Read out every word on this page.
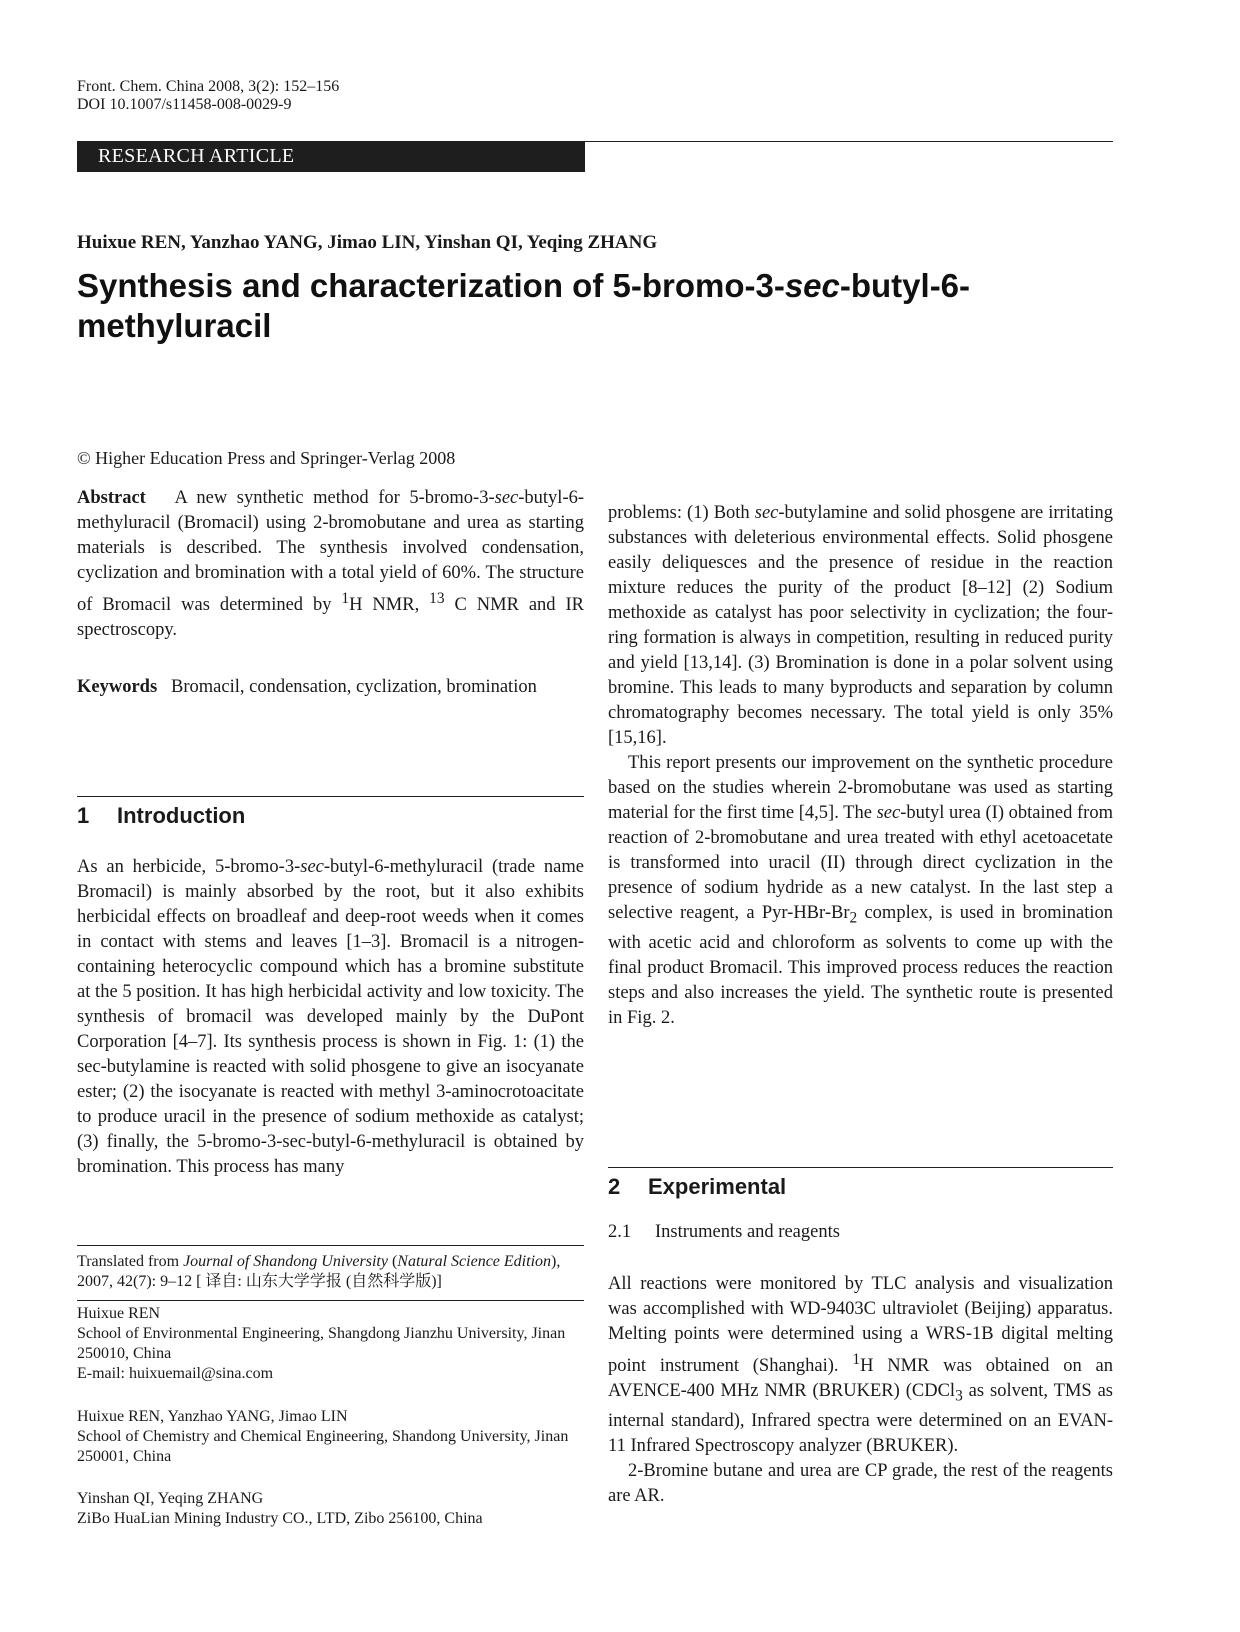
Front. Chem. China 2008, 3(2): 152–156
DOI 10.1007/s11458-008-0029-9
RESEARCH ARTICLE
Huixue REN, Yanzhao YANG, Jimao LIN, Yinshan QI, Yeqing ZHANG
Synthesis and characterization of 5-bromo-3-sec-butyl-6-methyluracil
© Higher Education Press and Springer-Verlag 2008

Abstract A new synthetic method for 5-bromo-3-sec-butyl-6-methyluracil (Bromacil) using 2-bromobutane and urea as starting materials is described. The synthesis involved condensation, cyclization and bromination with a total yield of 60%. The structure of Bromacil was determined by $^1$H NMR, $^{13}$ C NMR and IR spectroscopy.

Keywords Bromacil, condensation, cyclization, bromination

1 Introduction

As an herbicide, 5-bromo-3-sec-butyl-6-methyluracil (trade name Bromacil) is mainly absorbed by the root, but it also exhibits herbicidal effects on broadleaf and deep-root weeds when it comes in contact with stems and leaves [1–3]. Bromacil is a nitrogen-containing heterocyclic compound which has a bromine substitute at the 5 position. It has high herbicidal activity and low toxicity. The synthesis of bromacil was developed mainly by the DuPont Corporation [4–7]. Its synthesis process is shown in Fig. 1: (1) the sec-butylamine is reacted with solid phosgene to give an isocyanate ester; (2) the isocyanate is reacted with methyl 3-aminocrotoacitate to produce uracil in the presence of sodium methoxide as catalyst; (3) finally, the 5-bromo-3-sec-butyl-6-methyluracil is obtained by bromination. This process has many

Translated from Journal of Shandong University (Natural Science Edition), 2007, 42(7): 9–12 [ 译自: 山东大学学报 (自然科学版)]
Huixue REN
School of Environmental Engineering, Shangdong Jianzhu University, Jinan 250010, China
E-mail: huixuemail@sina.com
Huixue REN, Yanzhao YANG, Jimao LIN
School of Chemistry and Chemical Engineering, Shandong University, Jinan 250001, China
Yinshan QI, Yeqing ZHANG
ZiBo HuaLian Mining Industry CO., LTD, Zibo 256100, China

problems: (1) Both sec-butylamine and solid phosgene are irritating substances with deleterious environmental effects. Solid phosgene easily deliquesces and the presence of residue in the reaction mixture reduces the purity of the product [8–12] (2) Sodium methoxide as catalyst has poor selectivity in cyclization; the four-ring formation is always in competition, resulting in reduced purity and yield [13,14]. (3) Bromination is done in a polar solvent using bromine. This leads to many byproducts and separation by column chromatography becomes necessary. The total yield is only 35% [15,16].

This report presents our improvement on the synthetic procedure based on the studies wherein 2-bromobutane was used as starting material for the first time [4,5]. The sec-butyl urea (I) obtained from reaction of 2-bromobutane and urea treated with ethyl acetoacetate is transformed into uracil (II) through direct cyclization in the presence of sodium hydride as a new catalyst. In the last step a selective reagent, a Pyr-$HBr-Br_2$ complex, is used in bromination with acetic acid and chloroform as solvents to come up with the final product Bromacil. This improved process reduces the reaction steps and also increases the yield. The synthetic route is presented in Fig. 2.

2 Experimental
2.1 Instruments and reagents

All reactions were monitored by TLC analysis and visualization was accomplished with WD-9403C ultraviolet (Beijing) apparatus. Melting points were determined using a WRS-1B digital melting point instrument (Shanghai). $^1$H NMR was obtained on an AVENCE-400 MHz NMR (BRUKER) (CDCl$_3$ as solvent, TMS as internal standard), Infrared spectra were determined on an EVAN-11 Infrared Spectroscopy analyzer (BRUKER).

2-Bromine butane and urea are CP grade, the rest of the reagents are AR.
